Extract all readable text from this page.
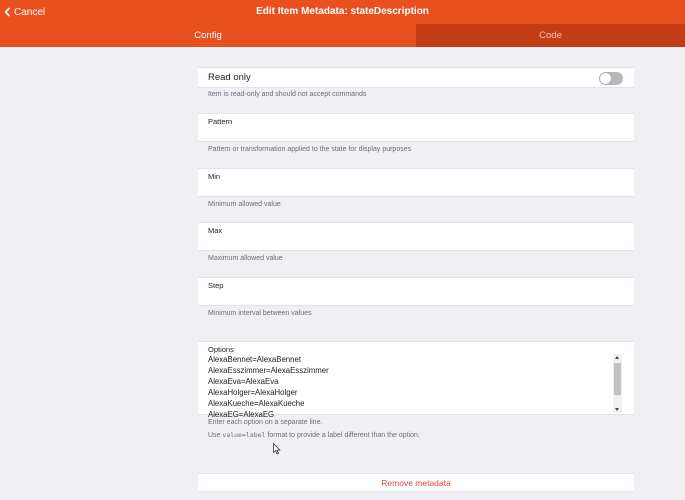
Cancel	Edit Item Metadata: stateDescription
Config	Code
Read only
Item is read-only and should not accept commands
Pattern
Pattern or transformation applied to the state for display purposes
Min
Minimum allowed value
Max
Maximum allowed value
Step
Minimum interval between values
Options
AlexaBennet=AlexaBennet
AlexaEsszimmer=AlexaEsszimmer
AlexaEva=AlexaEva
AlexaHolger=AlexaHolger
AlexaKueche=AlexaKueche
AlexaEG=AlexaEG
Enter each option on a separate line.
Use value=label format to provide a label different than the option.
Remove metadata
